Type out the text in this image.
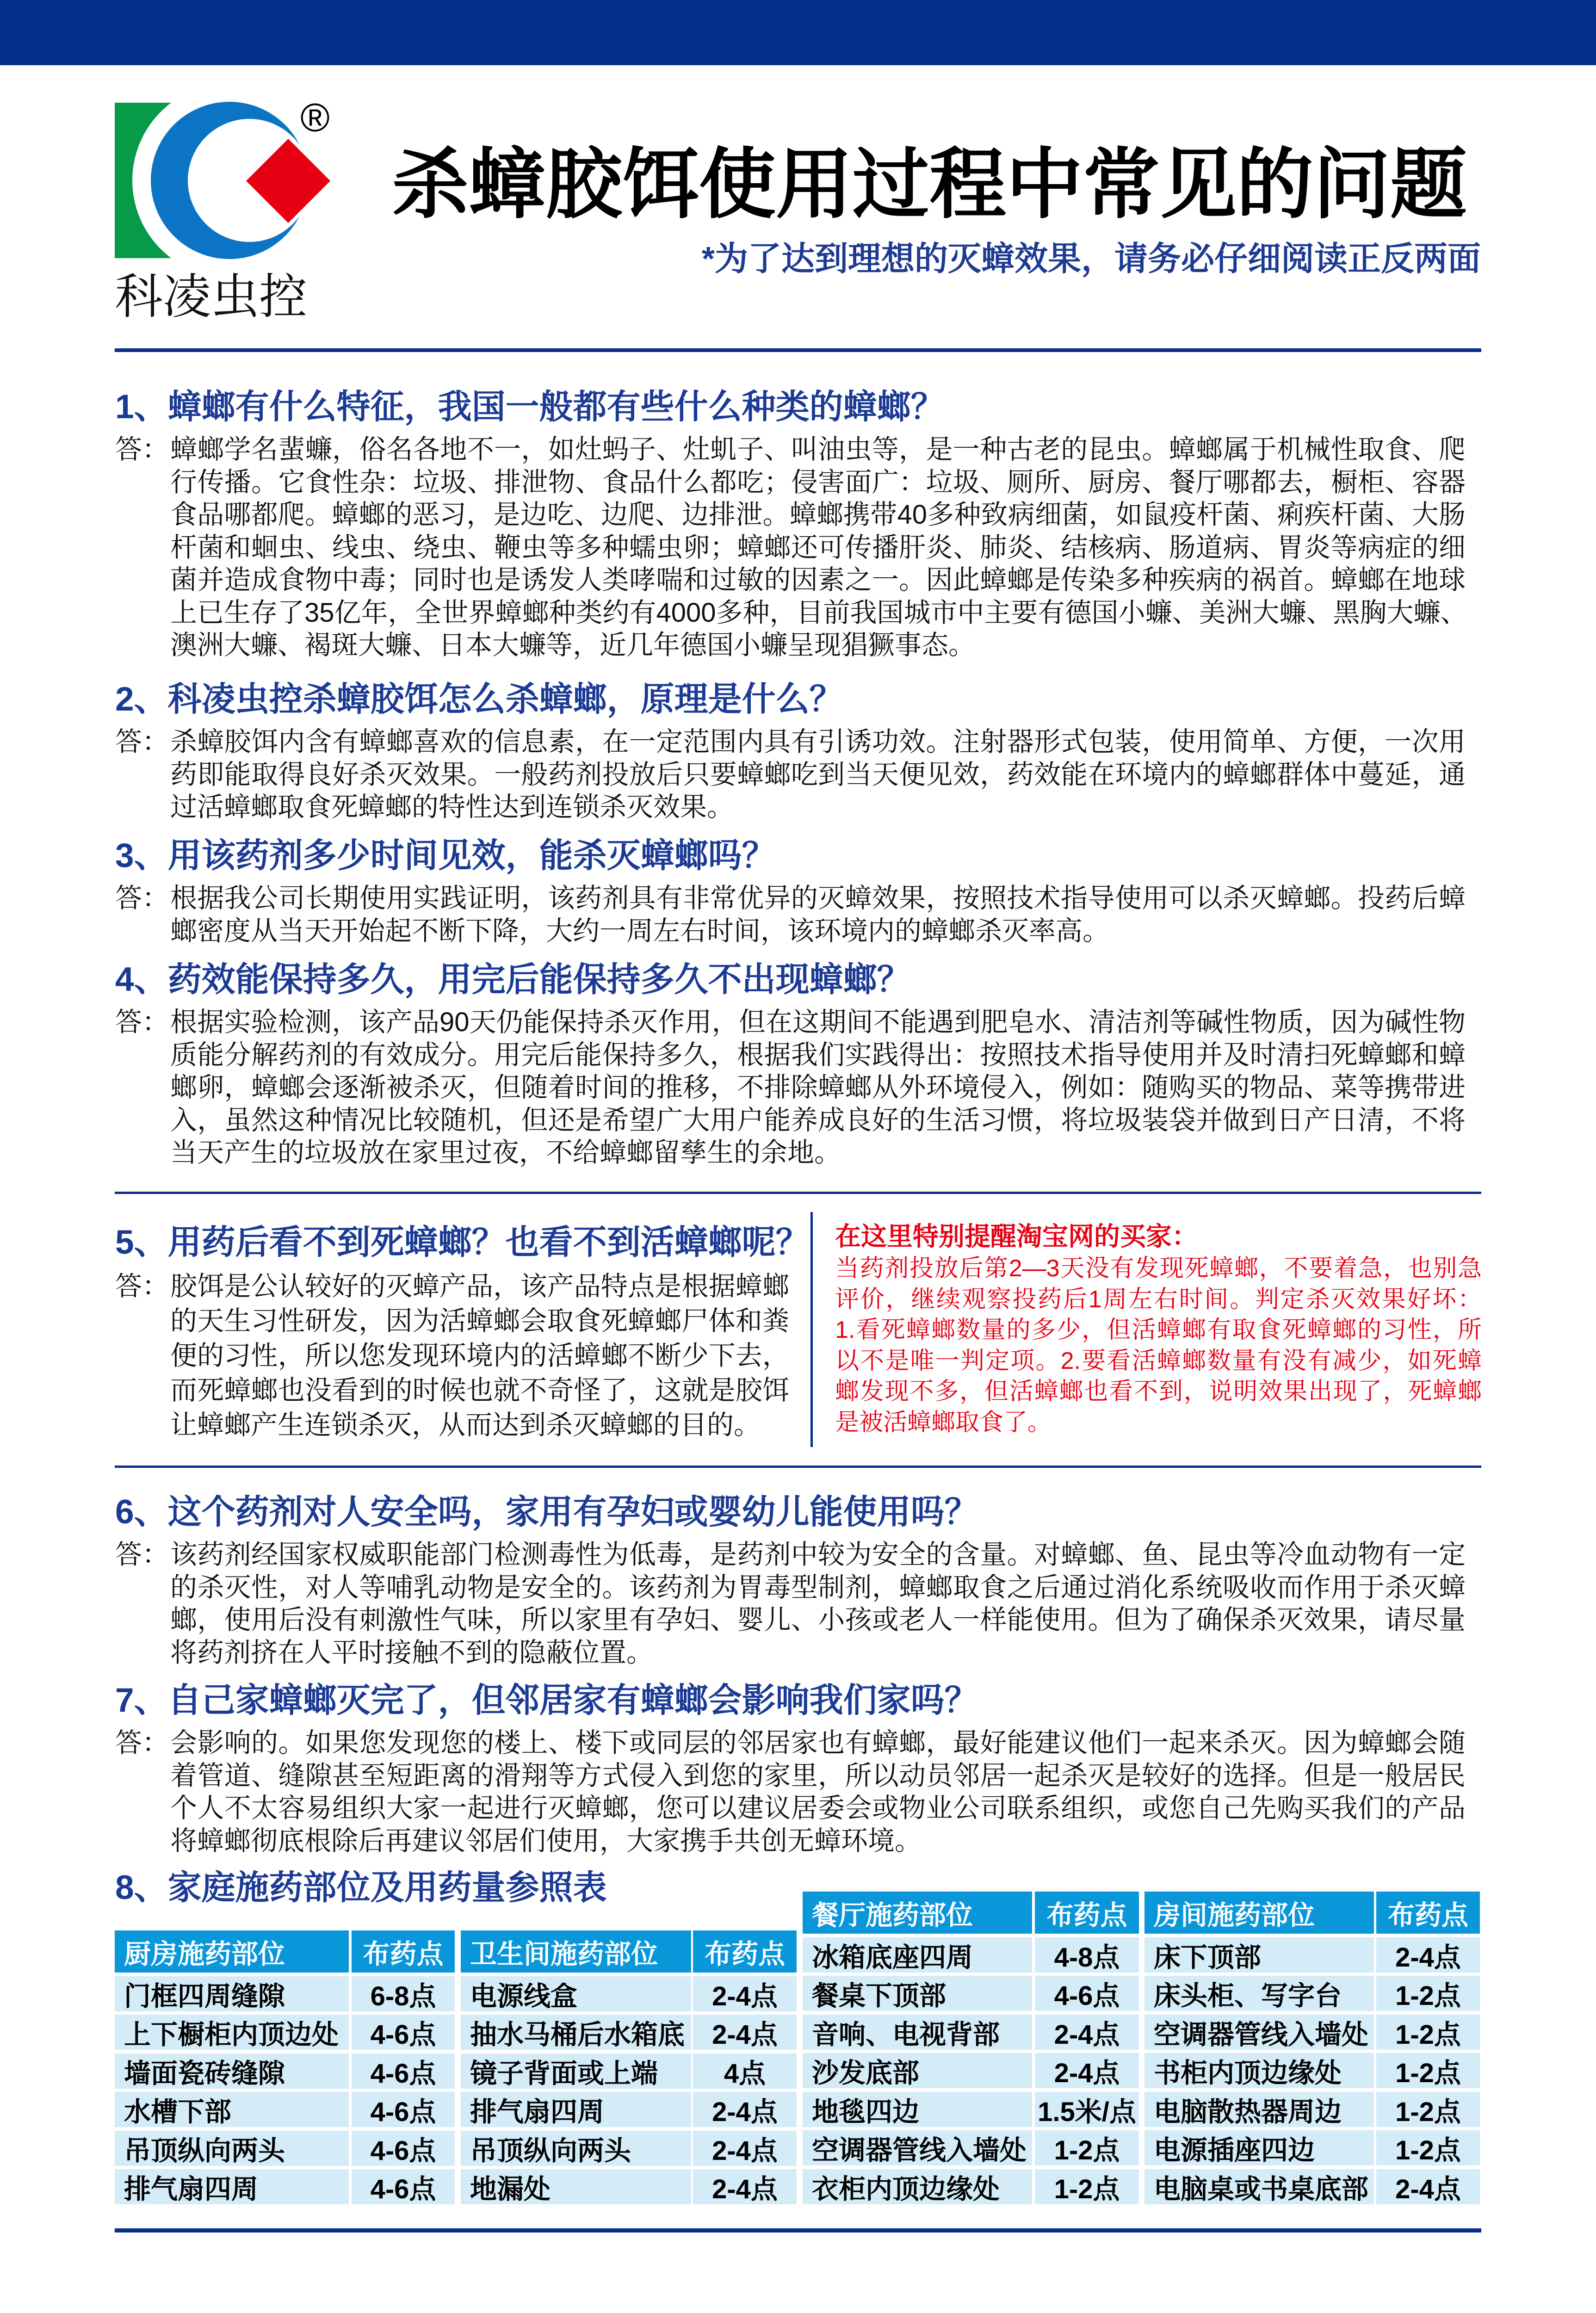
®
科凌虫控
杀蟑胶饵使用过程中常见的问题
*为了达到理想的灭蟑效果，请务必仔细阅读正反两面
1、蟑螂有什么特征，我国一般都有些什么种类的蟑螂？
答： 蟑螂学名蜚蠊，俗名各地不一，如灶蚂子、灶虮子、叫油虫等，是一种古老的昆虫。蟑螂属于机械性取食、爬
行传播。它食性杂：垃圾、排泄物、食品什么都吃；侵害面广：垃圾、厕所、厨房、餐厅哪都去，橱柜、容器
食品哪都爬。蟑螂的恶习，是边吃、边爬、边排泄。蟑螂携带40多种致病细菌，如鼠疫杆菌、痢疾杆菌、大肠
杆菌和蛔虫、线虫、绕虫、鞭虫等多种蠕虫卵；蟑螂还可传播肝炎、肺炎、结核病、肠道病、胃炎等病症的细
菌并造成食物中毒；同时也是诱发人类哮喘和过敏的因素之一。因此蟑螂是传染多种疾病的祸首。蟑螂在地球
上已生存了35亿年，全世界蟑螂种类约有4000多种，目前我国城市中主要有德国小蠊、美洲大蠊、黑胸大蠊、
澳洲大蠊、褐斑大蠊、日本大蠊等，近几年德国小蠊呈现猖獗事态。
2、科凌虫控杀蟑胶饵怎么杀蟑螂，原理是什么？
答： 杀蟑胶饵内含有蟑螂喜欢的信息素，在一定范围内具有引诱功效。注射器形式包装，使用简单、方便，一次用
药即能取得良好杀灭效果。一般药剂投放后只要蟑螂吃到当天便见效，药效能在环境内的蟑螂群体中蔓延，通
过活蟑螂取食死蟑螂的特性达到连锁杀灭效果。
3、用该药剂多少时间见效，能杀灭蟑螂吗？
答： 根据我公司长期使用实践证明，该药剂具有非常优异的灭蟑效果，按照技术指导使用可以杀灭蟑螂。投药后蟑
螂密度从当天开始起不断下降，大约一周左右时间，该环境内的蟑螂杀灭率高。
4、药效能保持多久，用完后能保持多久不出现蟑螂？
答： 根据实验检测，该产品90天仍能保持杀灭作用，但在这期间不能遇到肥皂水、清洁剂等碱性物质，因为碱性物
质能分解药剂的有效成分。用完后能保持多久，根据我们实践得出：按照技术指导使用并及时清扫死蟑螂和蟑
螂卵，蟑螂会逐渐被杀灭，但随着时间的推移，不排除蟑螂从外环境侵入，例如：随购买的物品、菜等携带进
入，虽然这种情况比较随机，但还是希望广大用户能养成良好的生活习惯，将垃圾装袋并做到日产日清，不将
当天产生的垃圾放在家里过夜，不给蟑螂留孳生的余地。
5、用药后看不到死蟑螂？也看不到活蟑螂呢？
答： 胶饵是公认较好的灭蟑产品，该产品特点是根据蟑螂
的天生习性研发，因为活蟑螂会取食死蟑螂尸体和粪
便的习性，所以您发现环境内的活蟑螂不断少下去，
而死蟑螂也没看到的时候也就不奇怪了，这就是胶饵
让蟑螂产生连锁杀灭，从而达到杀灭蟑螂的目的。
在这里特别提醒淘宝网的买家：
当药剂投放后第2—3天没有发现死蟑螂，不要着急，也别急
评价，继续观察投药后1周左右时间。判定杀灭效果好坏：
1.看死蟑螂数量的多少，但活蟑螂有取食死蟑螂的习性，所
以不是唯一判定项。2.要看活蟑螂数量有没有减少，如死蟑
螂发现不多，但活蟑螂也看不到，说明效果出现了，死蟑螂
是被活蟑螂取食了。
6、这个药剂对人安全吗，家用有孕妇或婴幼儿能使用吗？
答： 该药剂经国家权威职能部门检测毒性为低毒，是药剂中较为安全的含量。对蟑螂、鱼、昆虫等冷血动物有一定
的杀灭性，对人等哺乳动物是安全的。该药剂为胃毒型制剂，蟑螂取食之后通过消化系统吸收而作用于杀灭蟑
螂，使用后没有刺激性气味，所以家里有孕妇、婴儿、小孩或老人一样能使用。但为了确保杀灭效果，请尽量
将药剂挤在人平时接触不到的隐蔽位置。
7、自己家蟑螂灭完了，但邻居家有蟑螂会影响我们家吗？
答： 会影响的。如果您发现您的楼上、楼下或同层的邻居家也有蟑螂，最好能建议他们一起来杀灭。因为蟑螂会随
着管道、缝隙甚至短距离的滑翔等方式侵入到您的家里，所以动员邻居一起杀灭是较好的选择。但是一般居民
个人不太容易组织大家一起进行灭蟑螂，您可以建议居委会或物业公司联系组织，或您自己先购买我们的产品
将蟑螂彻底根除后再建议邻居们使用，大家携手共创无蟑环境。
8、家庭施药部位及用药量参照表
厨房施药部位	布药点
门框四周缝隙	6-8点
上下橱柜内顶边处	4-6点
墙面瓷砖缝隙	4-6点
水槽下部	4-6点
吊顶纵向两头	4-6点
排气扇四周	4-6点
卫生间施药部位	布药点
电源线盒	2-4点
抽水马桶后水箱底	2-4点
镜子背面或上端	4点
排气扇四周	2-4点
吊顶纵向两头	2-4点
地漏处	2-4点
餐厅施药部位	布药点
冰箱底座四周	4-8点
餐桌下顶部	4-6点
音响、电视背部	2-4点
沙发底部	2-4点
地毯四边	1.5米/点
空调器管线入墙处	1-2点
衣柜内顶边缘处	1-2点
房间施药部位	布药点
床下顶部	2-4点
床头柜、写字台	1-2点
空调器管线入墙处	1-2点
书柜内顶边缘处	1-2点
电脑散热器周边	1-2点
电源插座四边	1-2点
电脑桌或书桌底部	2-4点
